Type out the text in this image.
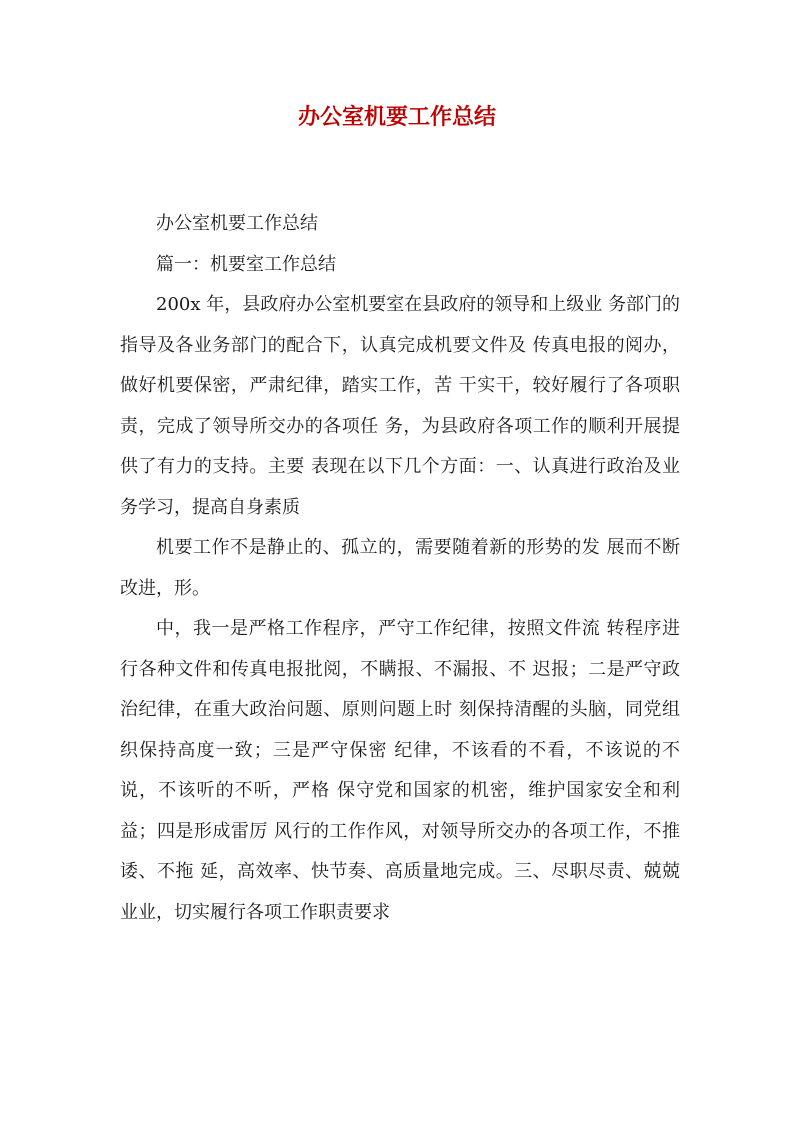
办公室机要工作总结

办公室机要工作总结

篇一：机要室工作总结

200x 年，县政府办公室机要室在县政府的领导和上级业 务部门的指导及各业务部门的配合下，认真完成机要文件及 传真电报的阅办，做好机要保密，严肃纪律，踏实工作，苦 干实干，较好履行了各项职责，完成了领导所交办的各项任 务，为县政府各项工作的顺利开展提供了有力的支持。主要 表现在以下几个方面：一、认真进行政治及业务学习，提高自身素质

机要工作不是静止的、孤立的，需要随着新的形势的发 展而不断改进，形。

中，我一是严格工作程序，严守工作纪律，按照文件流 转程序进行各种文件和传真电报批阅，不瞒报、不漏报、不 迟报；二是严守政治纪律，在重大政治问题、原则问题上时 刻保持清醒的头脑，同党组织保持高度一致；三是严守保密 纪律，不该看的不看，不该说的不说，不该听的不听，严格 保守党和国家的机密，维护国家安全和利益；四是形成雷厉 风行的工作作风，对领导所交办的各项工作，不推诿、不拖 延，高效率、快节奏、高质量地完成。三、尽职尽责、兢兢业业，切实履行各项工作职责要求
